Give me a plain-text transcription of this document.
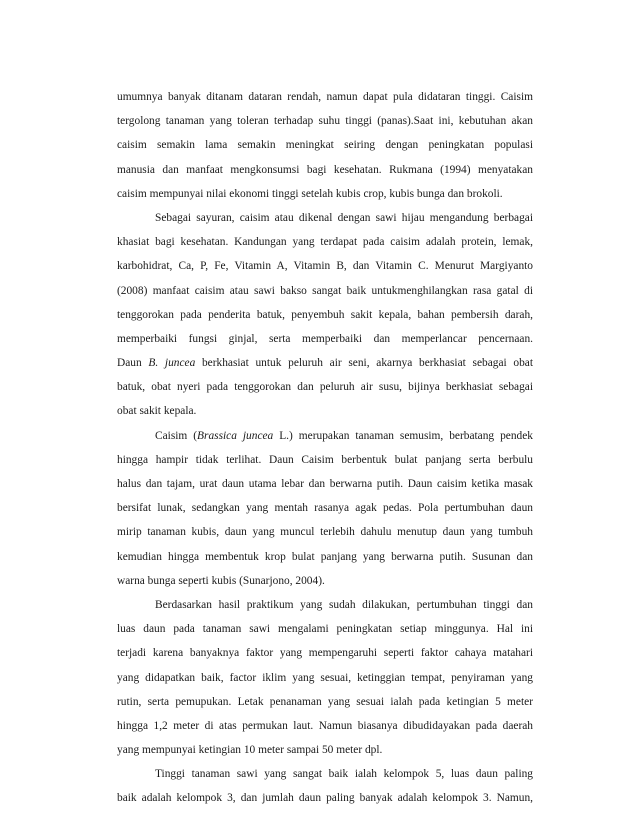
umumnya banyak ditanam dataran rendah, namun dapat pula didataran tinggi. Caisim
tergolong tanaman yang toleran terhadap suhu tinggi (panas).Saat ini, kebutuhan akan
caisim semakin lama semakin meningkat seiring dengan peningkatan populasi
manusia dan manfaat mengkonsumsi bagi kesehatan. Rukmana (1994) menyatakan
caisim mempunyai nilai ekonomi tinggi setelah kubis crop, kubis bunga dan brokoli.
Sebagai sayuran, caisim atau dikenal dengan sawi hijau mengandung berbagai
khasiat bagi kesehatan. Kandungan yang terdapat pada caisim adalah protein, lemak,
karbohidrat, Ca, P, Fe, Vitamin A, Vitamin B, dan Vitamin C. Menurut Margiyanto
(2008) manfaat caisim atau sawi bakso sangat baik untukmenghilangkan rasa gatal di
tenggorokan pada penderita batuk, penyembuh sakit kepala, bahan pembersih darah,
memperbaiki fungsi ginjal, serta memperbaiki dan memperlancar pencernaan.
Daun B. juncea berkhasiat untuk peluruh air seni, akarnya berkhasiat sebagai obat
batuk, obat nyeri pada tenggorokan dan peluruh air susu, bijinya berkhasiat sebagai
obat sakit kepala.
Caisim (Brassica juncea L.) merupakan tanaman semusim, berbatang pendek
hingga hampir tidak terlihat. Daun Caisim berbentuk bulat panjang serta berbulu
halus dan tajam, urat daun utama lebar dan berwarna putih. Daun caisim ketika masak
bersifat lunak, sedangkan yang mentah rasanya agak pedas. Pola pertumbuhan daun
mirip tanaman kubis, daun yang muncul terlebih dahulu menutup daun yang tumbuh
kemudian hingga membentuk krop bulat panjang yang berwarna putih. Susunan dan
warna bunga seperti kubis (Sunarjono, 2004).
Berdasarkan hasil praktikum yang sudah dilakukan, pertumbuhan tinggi dan
luas daun pada tanaman sawi mengalami peningkatan setiap minggunya. Hal ini
terjadi karena banyaknya faktor yang mempengaruhi seperti faktor cahaya matahari
yang didapatkan baik, factor iklim yang sesuai, ketinggian tempat, penyiraman yang
rutin, serta pemupukan. Letak penanaman yang sesuai ialah pada ketingian 5 meter
hingga 1,2 meter di atas permukan laut. Namun biasanya dibudidayakan pada daerah
yang mempunyai ketingian 10 meter sampai 50 meter dpl.
Tinggi tanaman sawi yang sangat baik ialah kelompok 5, luas daun paling
baik adalah kelompok 3, dan jumlah daun paling banyak adalah kelompok 3. Namun,
